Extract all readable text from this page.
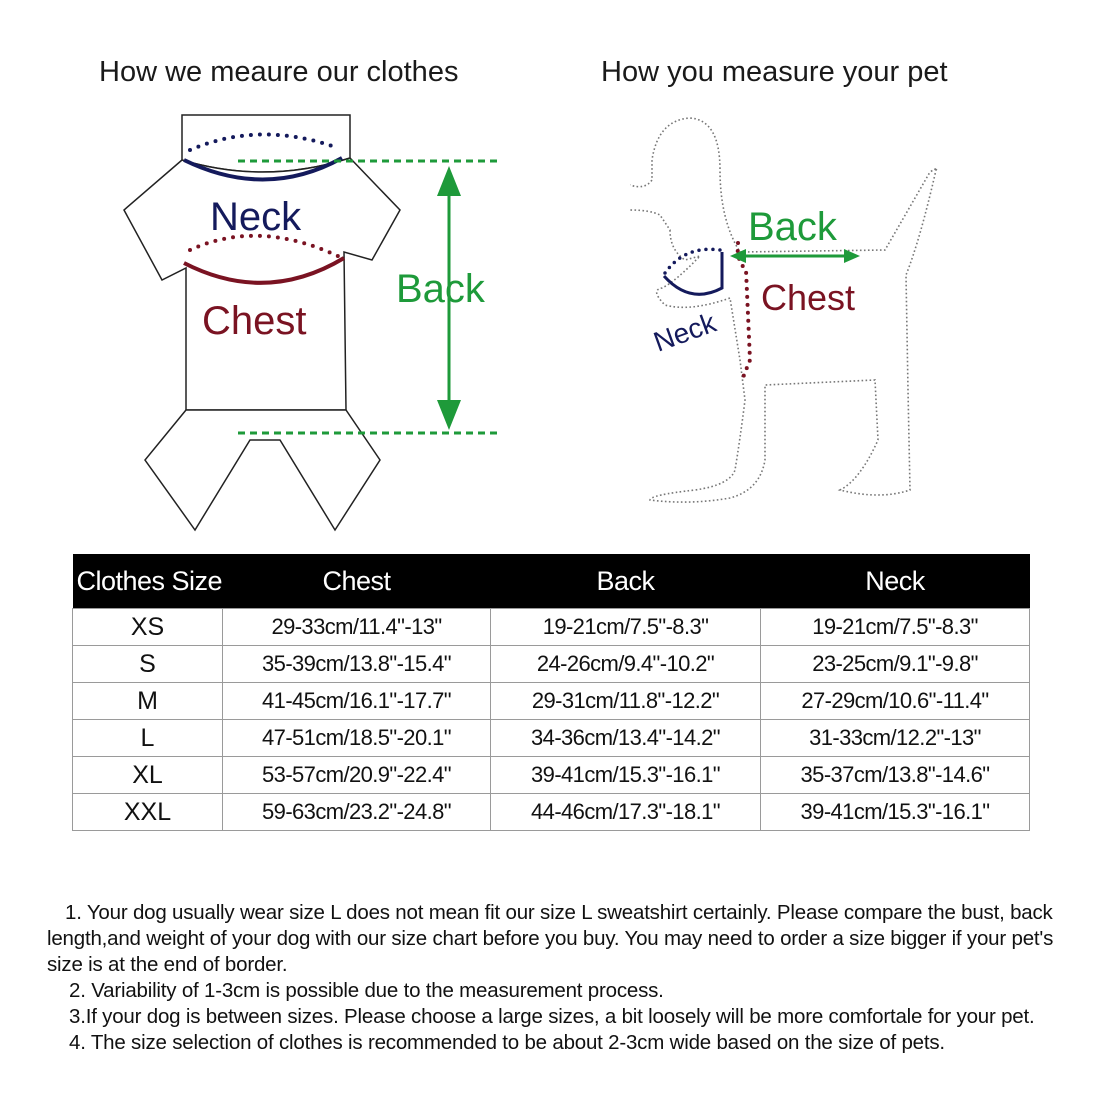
How we meaure our clothes	How you measure your pet
Neck
Chest
Back
Back
Chest
Neck
Clothes Size	Chest	Back	Neck
XS	29-33cm/11.4"-13"	19-21cm/7.5"-8.3"	19-21cm/7.5"-8.3"
S	35-39cm/13.8"-15.4"	24-26cm/9.4"-10.2"	23-25cm/9.1"-9.8"
M	41-45cm/16.1"-17.7"	29-31cm/11.8"-12.2"	27-29cm/10.6"-11.4"
L	47-51cm/18.5"-20.1"	34-36cm/13.4"-14.2"	31-33cm/12.2"-13"
XL	53-57cm/20.9"-22.4"	39-41cm/15.3"-16.1"	35-37cm/13.8"-14.6"
XXL	59-63cm/23.2"-24.8"	44-46cm/17.3"-18.1"	39-41cm/15.3"-16.1"

1. Your dog usually wear size L does not mean fit our size L sweatshirt certainly. Please compare the bust, back length,and weight of your dog with our size chart before you buy. You may need to order a size bigger if your pet's size is at the end of border.

2. Variability of 1-3cm is possible due to the measurement process.

3.If your dog is between sizes. Please choose a large sizes, a bit loosely will be more comfortale for your pet.

4. The size selection of clothes is recommended to be about 2-3cm wide based on the size of pets.
